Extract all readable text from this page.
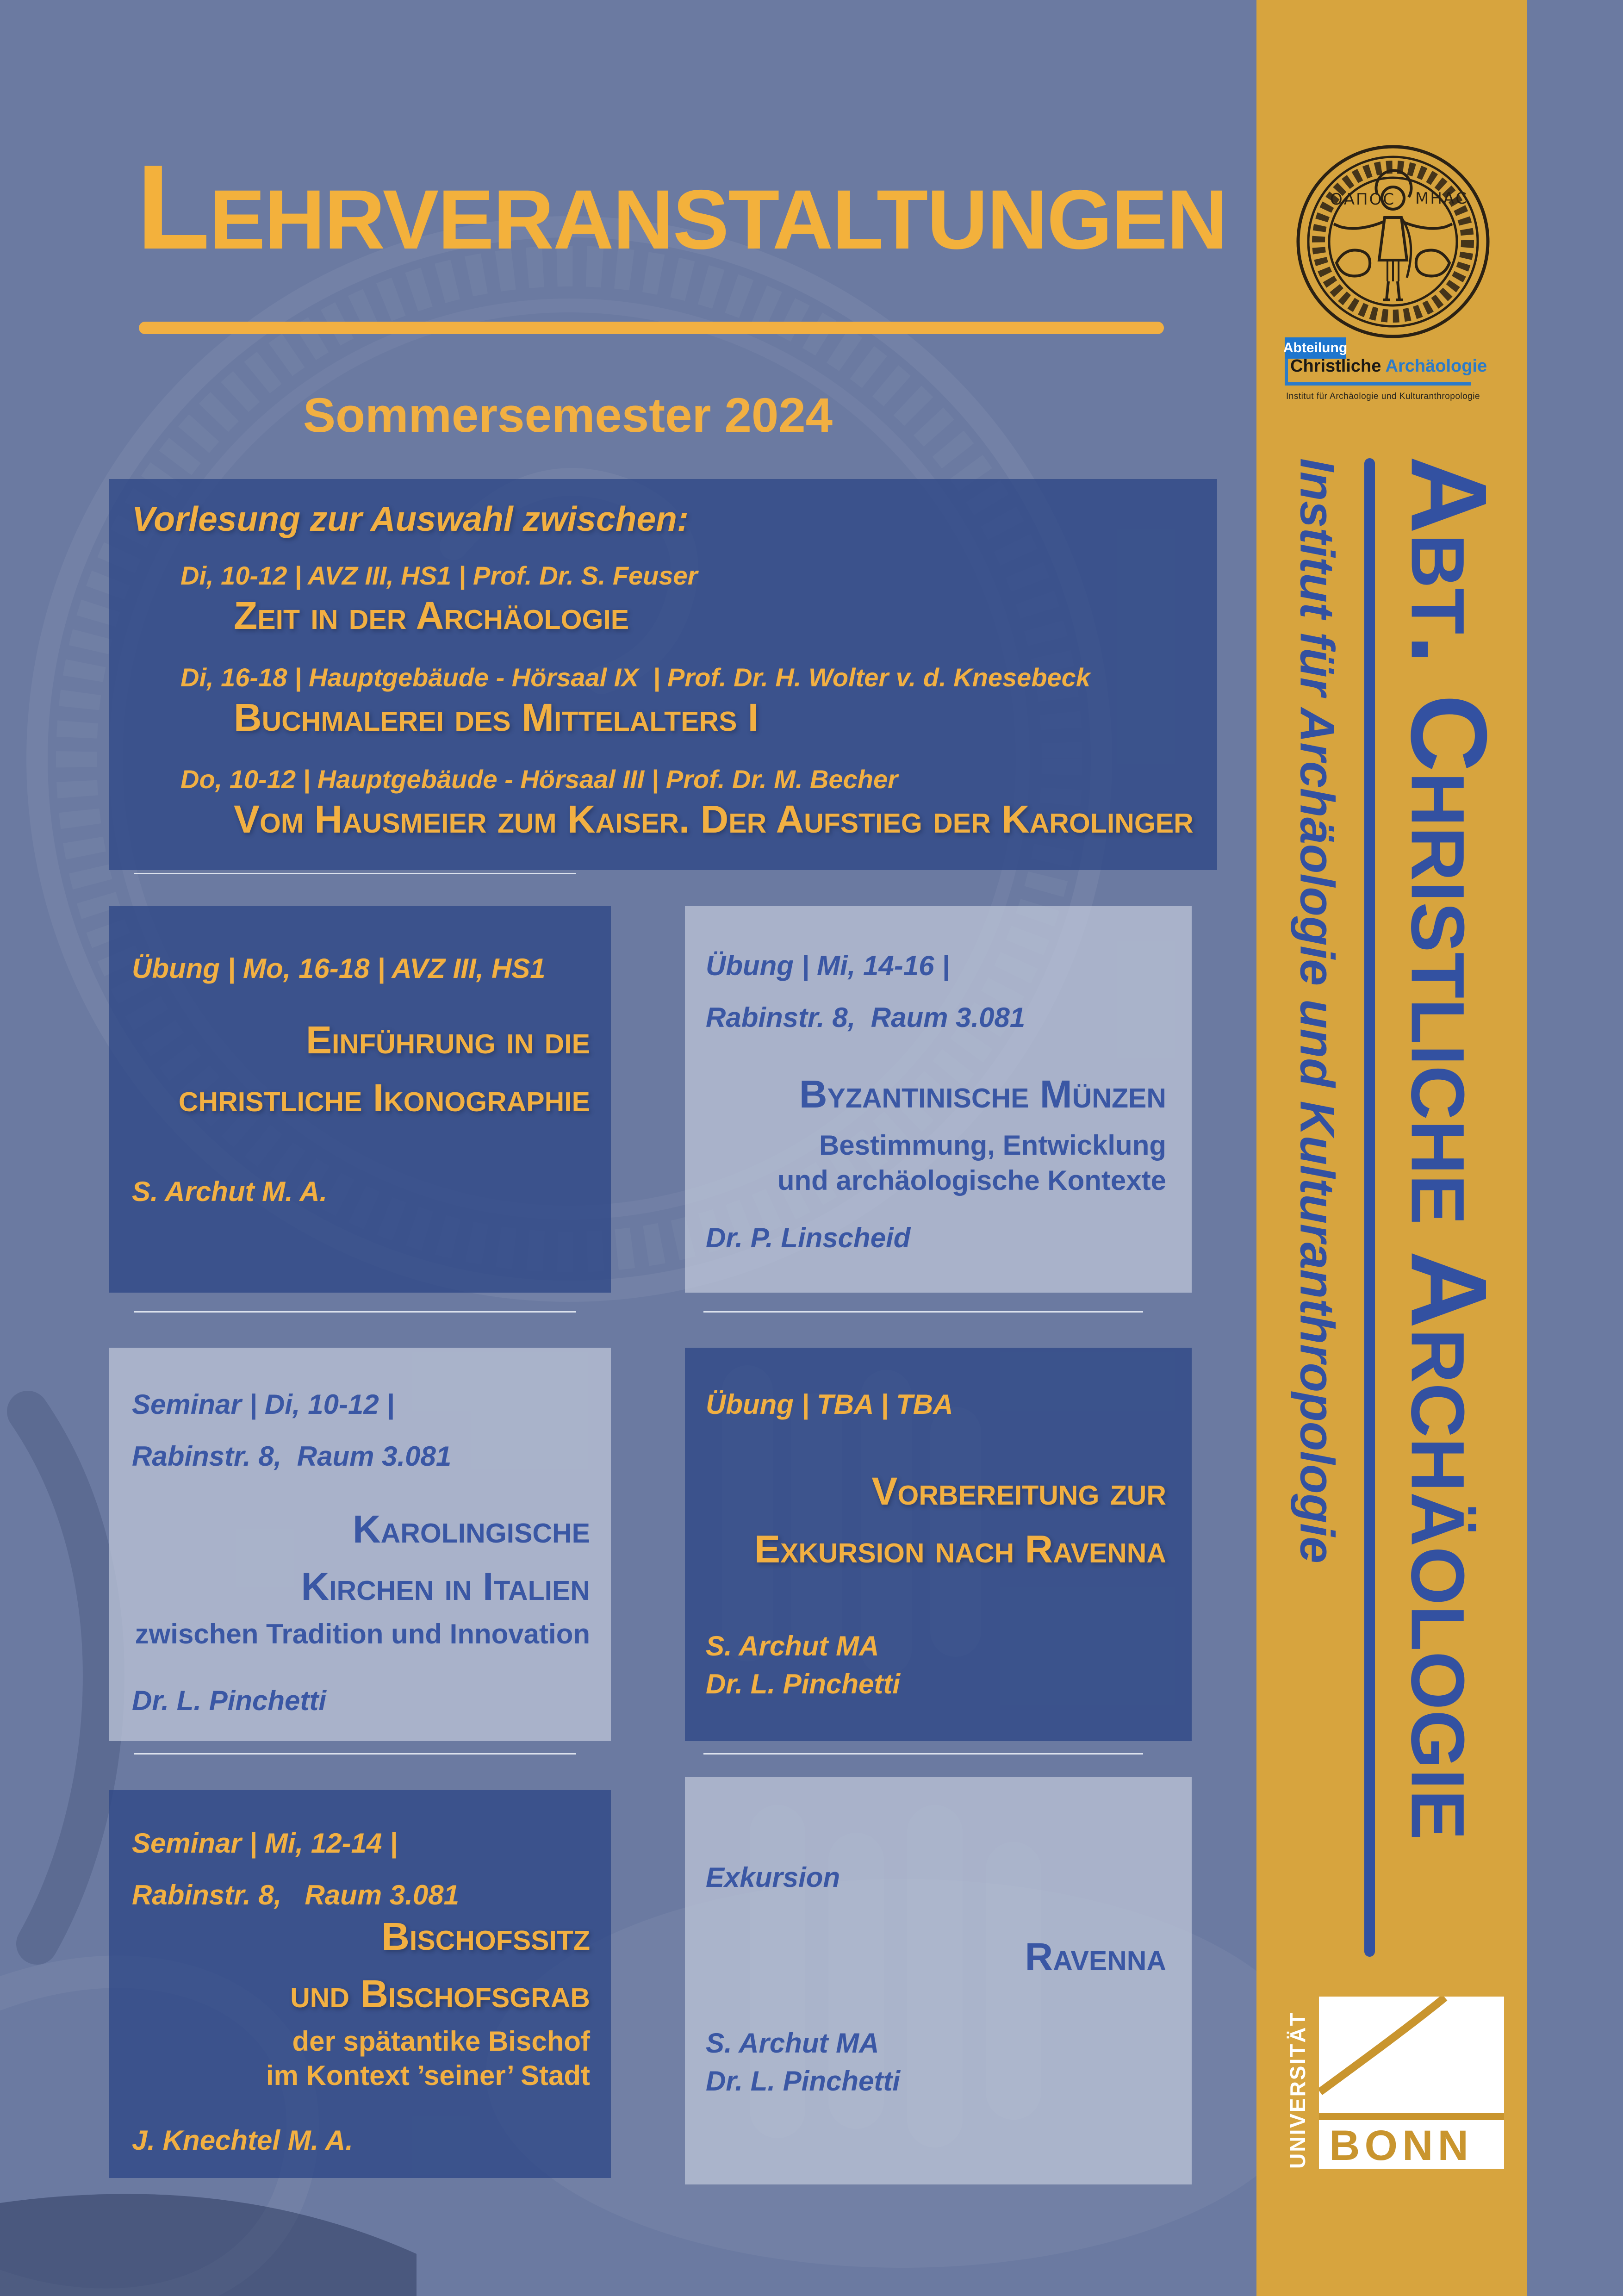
Lehrveranstaltungen
Sommersemester 2024
Vorlesung zur Auswahl zwischen:
Di, 10-12 | AVZ III, HS1 | Prof. Dr. S. Feuser
Zeit in der Archäologie
Di, 16-18 | Hauptgebäude - Hörsaal IX  | Prof. Dr. H. Wolter v. d. Knesebeck
Buchmalerei des Mittelalters I
Do, 10-12 | Hauptgebäude - Hörsaal III | Prof. Dr. M. Becher
Vom Hausmeier zum Kaiser. Der Aufstieg der Karolinger
Übung | Mo, 16-18 | AVZ III, HS1
Einführung in die
christliche Ikonographie
S. Archut M. A.
Übung | Mi, 14-16 |
Rabinstr. 8,  Raum 3.081
Byzantinische Münzen
Bestimmung, Entwicklung
und archäologische Kontexte
Dr. P. Linscheid
Seminar | Di, 10-12 |
Rabinstr. 8,  Raum 3.081
Karolingische
Kirchen in Italien
zwischen Tradition und Innovation
Dr. L. Pinchetti
Übung | TBA | TBA
Vorbereitung zur
Exkursion nach Ravenna
S. Archut MA
Dr. L. Pinchetti
Seminar | Mi, 12-14 |
Rabinstr. 8,   Raum 3.081
Bischofssitz
und Bischofsgrab
der spätantike Bischof
im Kontext ’seiner’ Stadt
J. Knechtel M. A.
Exkursion
Ravenna
S. Archut MA
Dr. L. Pinchetti
ΟΑΠΟϹ ΜΗΑϹ
Abteilung
Christliche Archäologie
Institut für Archäologie und Kulturanthropologie
Abt. Christliche Archäologie
Institut für Archäologie und Kulturanthropologie
UNIVERSITÄT BONN
